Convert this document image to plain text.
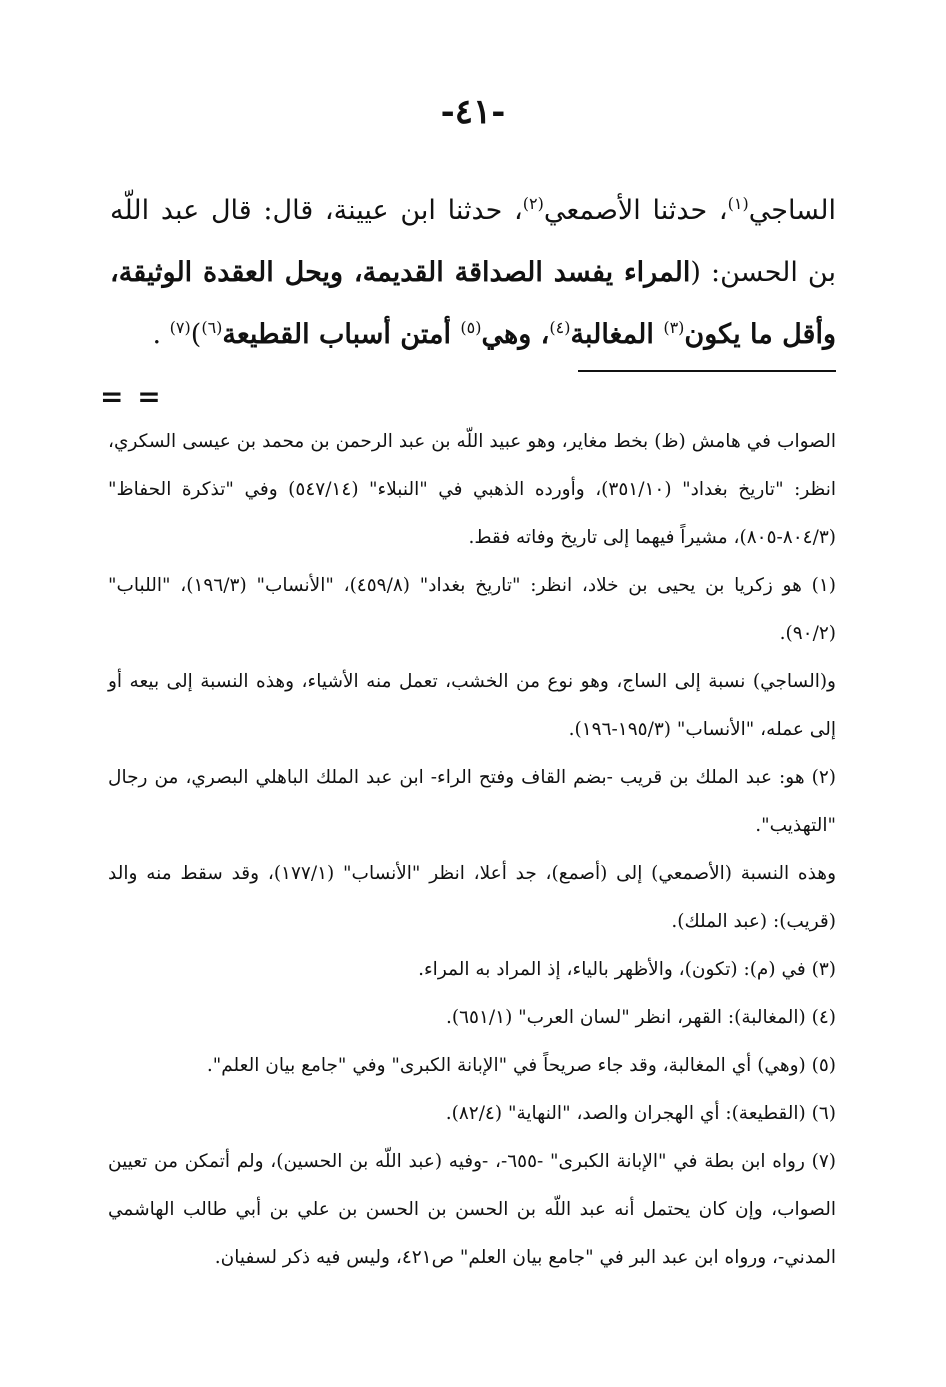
-٤١-
الساجي$^{(١)}$، حدثنا الأصمعي$^{(٢)}$، حدثنا ابن عيينة، قال: قال عبد اللّه بن الحسن: (المراء يفسد الصداقة القديمة، ويحل العقدة الوثيقة، وأقل ما يكون$^{(٣)}$ المغالبة$^{(٤)}$، وهي$^{(٥)}$ أمتن أسباب القطيعة$^{(٦)}$)$^{(٧)}$ .
= =

الصواب في هامش (ظ) بخط مغاير، وهو عبيد اللّه بن عبد الرحمن بن محمد بن عيسى السكري، انظر: "تاريخ بغداد" (٣٥١/١٠)، وأورده الذهبي في "النبلاء" (٥٤٧/١٤) وفي "تذكرة الحفاظ" (٨٠٤/٣-٨٠٥)، مشيراً فيهما إلى تاريخ وفاته فقط.

(١) هو زكريا بن يحيى بن خلاد، انظر: "تاريخ بغداد" (٤٥٩/٨)، "الأنساب" (١٩٦/٣)، "اللباب" (٩٠/٢).

و(الساجي) نسبة إلى الساج، وهو نوع من الخشب، تعمل منه الأشياء، وهذه النسبة إلى بيعه أو إلى عمله، "الأنساب" (١٩٥/٣-١٩٦).

(٢) هو: عبد الملك بن قريب -بضم القاف وفتح الراء- ابن عبد الملك الباهلي البصري، من رجال "التهذيب".

وهذه النسبة (الأصمعي) إلى (أصمع)، جد أعلا، انظر "الأنساب" (١٧٧/١)، وقد سقط منه والد (قريب): (عبد الملك).

(٣) في (م): (تكون)، والأظهر بالياء، إذ المراد به المراء.

(٤) (المغالبة): القهر، انظر "لسان العرب" (٦٥١/١).

(٥) (وهي) أي المغالبة، وقد جاء صريحاً في "الإبانة الكبرى" وفي "جامع بيان العلم".

(٦) (القطيعة): أي الهجران والصد، "النهاية" (٨٢/٤).

(٧) رواه ابن بطة في "الإبانة الكبرى" -٦٥٥-، -وفيه (عبد اللّه بن الحسين)، ولم أتمكن من تعيين الصواب، وإن كان يحتمل أنه عبد اللّه بن الحسن بن الحسن بن علي بن أبي طالب الهاشمي المدني-، ورواه ابن عبد البر في "جامع بيان العلم" ص٤٢١، وليس فيه ذكر لسفيان.
